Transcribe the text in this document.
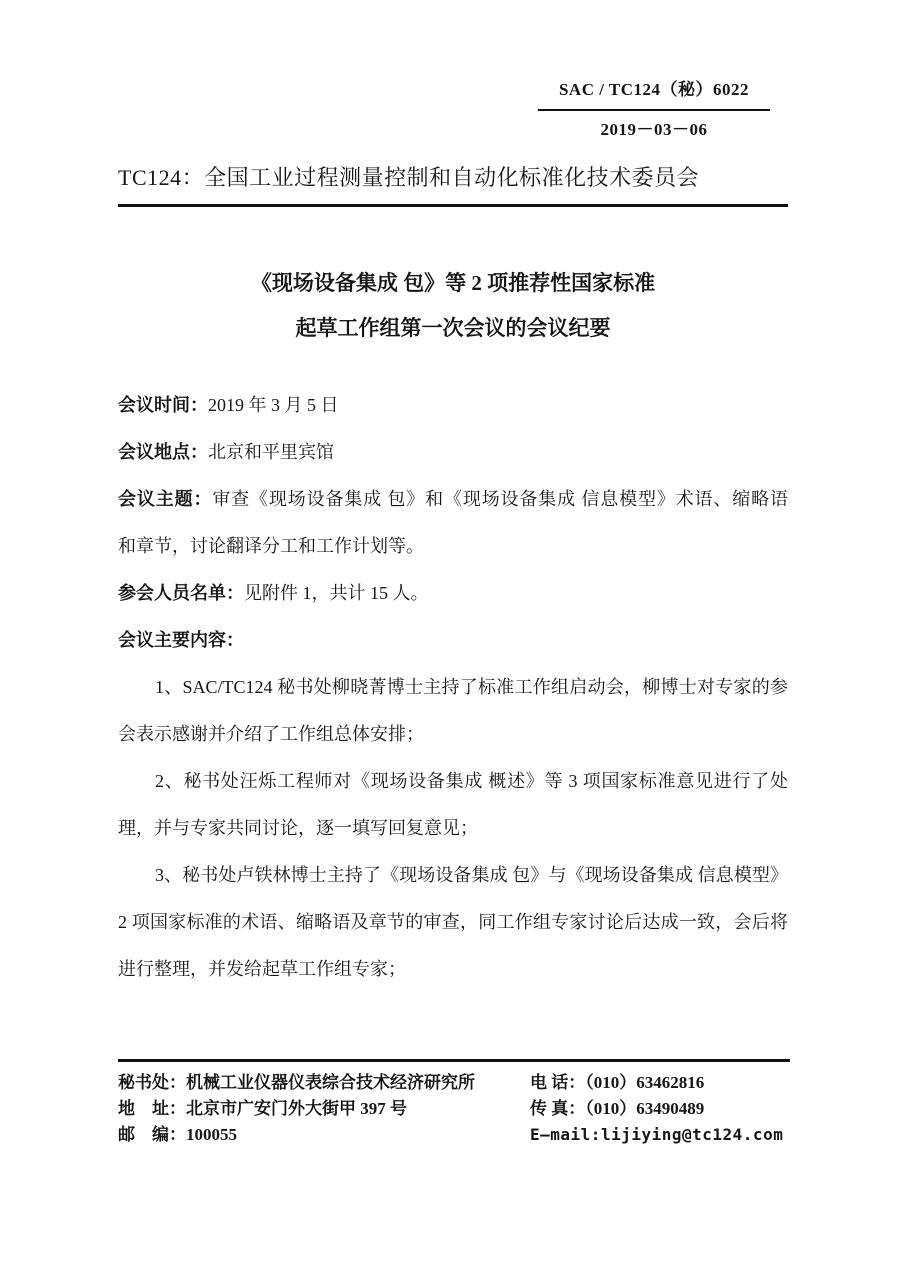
SAC / TC124（秘）6022
2019－03－06
TC124：全国工业过程测量控制和自动化标准化技术委员会
《现场设备集成 包》等 2 项推荐性国家标准
起草工作组第一次会议的会议纪要
会议时间：2019 年 3 月 5 日
会议地点：北京和平里宾馆
会议主题：审查《现场设备集成 包》和《现场设备集成 信息模型》术语、缩略语
和章节，讨论翻译分工和工作计划等。
参会人员名单：见附件 1，共计 15 人。
会议主要内容：
1、SAC/TC124 秘书处柳晓菁博士主持了标准工作组启动会，柳博士对专家的参
会表示感谢并介绍了工作组总体安排；
2、秘书处汪烁工程师对《现场设备集成 概述》等 3 项国家标准意见进行了处
理，并与专家共同讨论，逐一填写回复意见；
3、秘书处卢铁林博士主持了《现场设备集成 包》与《现场设备集成 信息模型》
2 项国家标准的术语、缩略语及章节的审查，同工作组专家讨论后达成一致，会后将
进行整理，并发给起草工作组专家；
秘书处：机械工业仪器仪表综合技术经济研究所
地　址：北京市广安门外大街甲 397 号
邮　编：100055
电 话：（010）63462816
传 真：（010）63490489
E—mail:lijiying@tc124.com
